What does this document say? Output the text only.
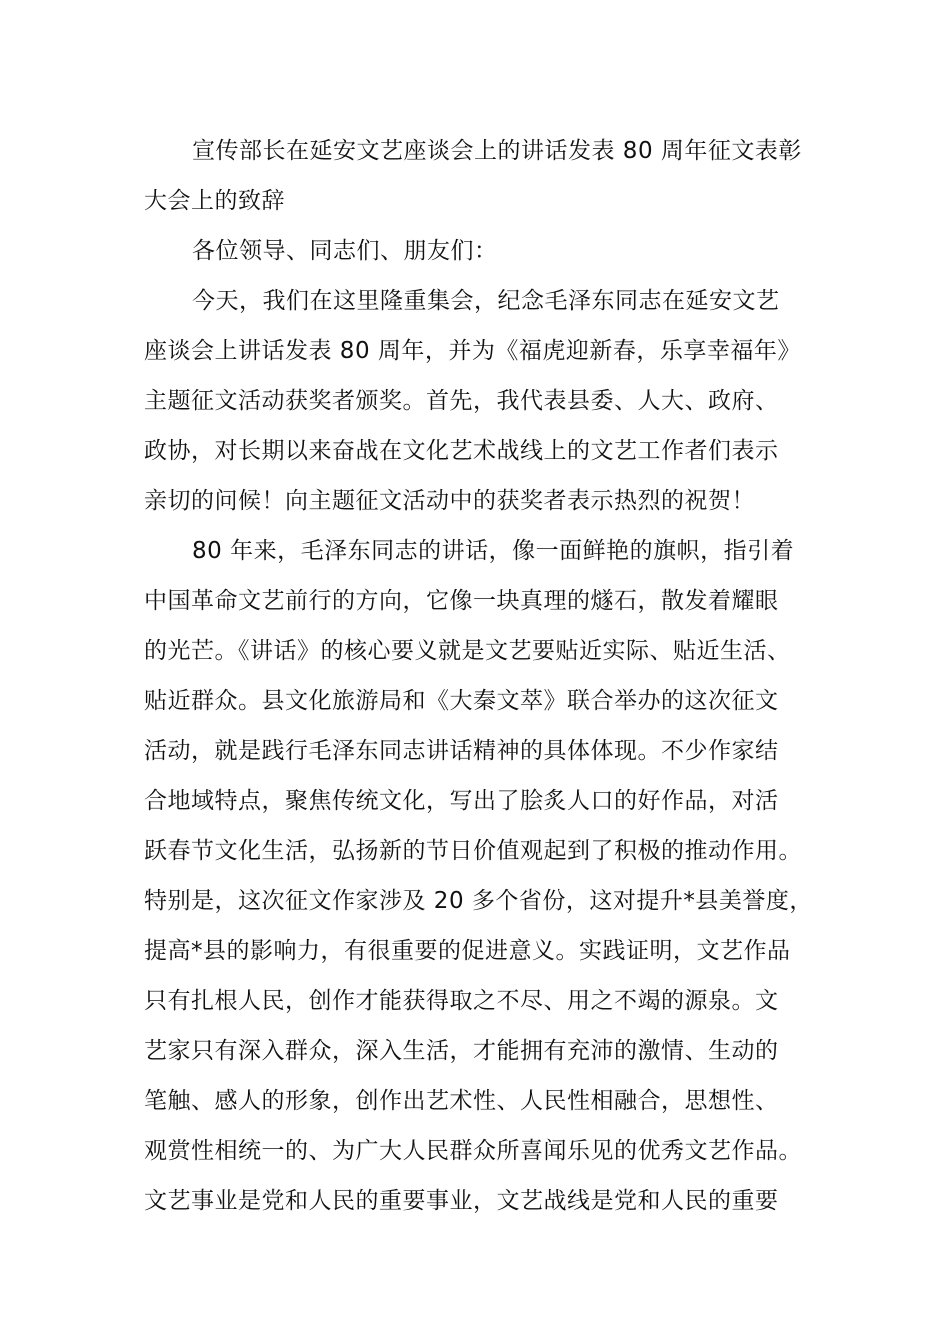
宣传部长在延安文艺座谈会上的讲话发表 80 周年征文表彰
大会上的致辞
各位领导、同志们、朋友们：
今天，我们在这里隆重集会，纪念毛泽东同志在延安文艺
座谈会上讲话发表 80 周年，并为《福虎迎新春，乐享幸福年》
主题征文活动获奖者颁奖。首先，我代表县委、人大、政府、
政协，对长期以来奋战在文化艺术战线上的文艺工作者们表示
亲切的问候！向主题征文活动中的获奖者表示热烈的祝贺！
80 年来，毛泽东同志的讲话，像一面鲜艳的旗帜，指引着
中国革命文艺前行的方向，它像一块真理的燧石，散发着耀眼
的光芒。《讲话》的核心要义就是文艺要贴近实际、贴近生活、
贴近群众。县文化旅游局和《大秦文萃》联合举办的这次征文
活动，就是践行毛泽东同志讲话精神的具体体现。不少作家结
合地域特点，聚焦传统文化，写出了脍炙人口的好作品，对活
跃春节文化生活，弘扬新的节日价值观起到了积极的推动作用。
特别是，这次征文作家涉及 20 多个省份，这对提升*县美誉度，
提高*县的影响力，有很重要的促进意义。实践证明，文艺作品
只有扎根人民，创作才能获得取之不尽、用之不竭的源泉。文
艺家只有深入群众，深入生活，才能拥有充沛的激情、生动的
笔触、感人的形象，创作出艺术性、人民性相融合，思想性、
观赏性相统一的、为广大人民群众所喜闻乐见的优秀文艺作品。
文艺事业是党和人民的重要事业，文艺战线是党和人民的重要
